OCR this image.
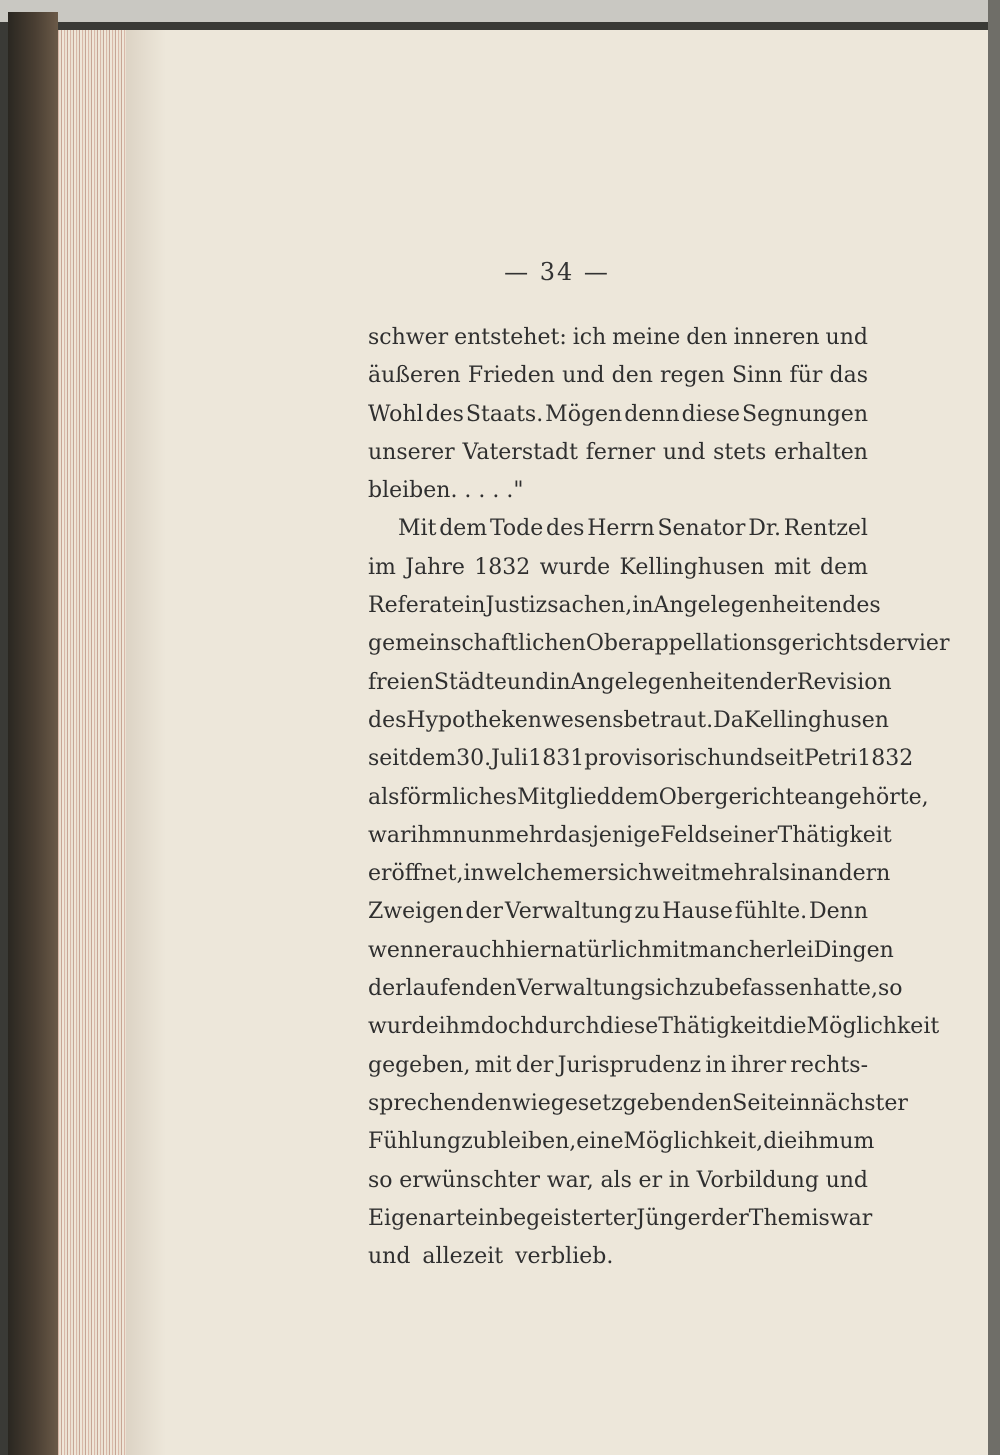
— 34 —
schwer entstehet: ich meine den inneren und
äußeren Frieden und den regen Sinn für das
Wohl des Staats. Mögen denn diese Segnungen
unserer Vaterstadt ferner und stets erhalten
bleiben. . . . ."
Mit dem Tode des Herrn Senator Dr. Rentzel
im Jahre 1832 wurde Kellinghusen mit dem
Referate in Justizsachen, in Angelegenheiten des
gemeinschaftlichen Oberappellationsgerichts der vier
freien Städte und in Angelegenheiten der Revision
des Hypothekenwesens betraut. Da Kellinghusen
seit dem 30. Juli 1831 provisorisch und seit Petri 1832
als förmliches Mitglied dem Obergerichte angehörte,
war ihm nunmehr dasjenige Feld seiner Thätigkeit
eröffnet, in welchem er sich weit mehr als in andern
Zweigen der Verwaltung zu Hause fühlte. Denn
wenn er auch hier natürlich mit mancherlei Dingen
der laufenden Verwaltung sich zu befassen hatte, so
wurde ihm doch durch diese Thätigkeit die Möglichkeit
gegeben, mit der Jurisprudenz in ihrer rechts-
sprechenden wie gesetzgebenden Seite in nächster
Fühlung zu bleiben, eine Möglichkeit, die ihm um
so erwünschter war, als er in Vorbildung und
Eigenart ein begeisterter Jünger der Themis war
und allezeit verblieb.
